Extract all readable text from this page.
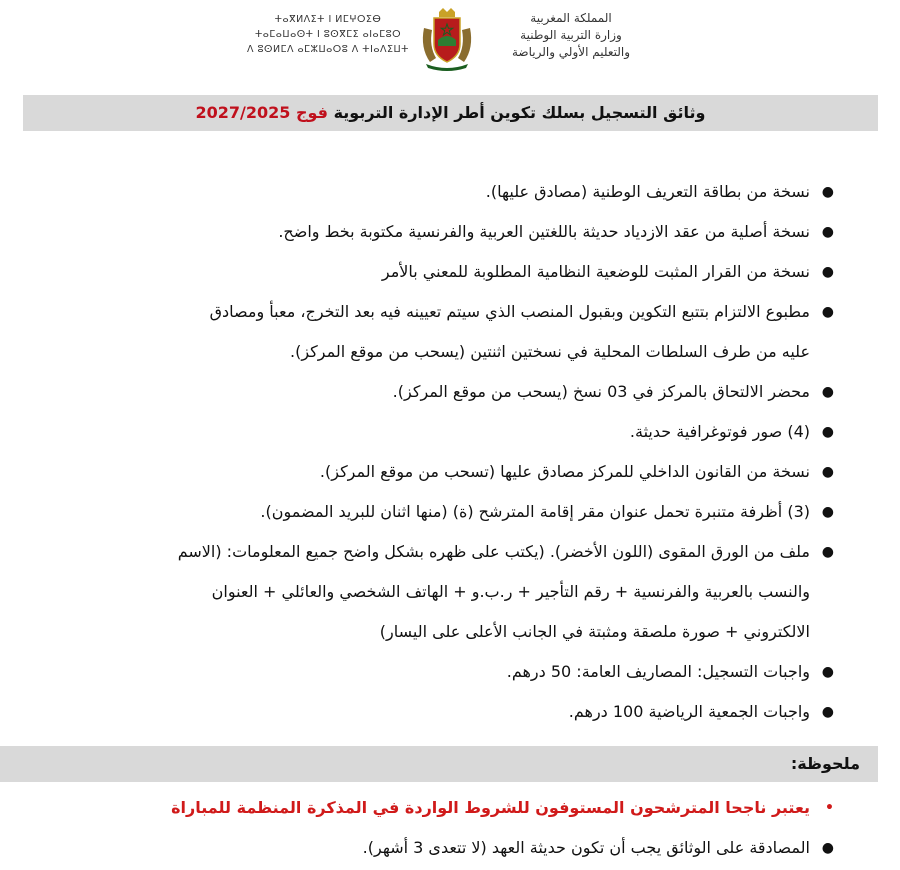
ⵜⴰⴳⵍⴷⵉⵜ ⵏ ⵍⵎⵖⵔⵉⴱ
ⵜⴰⵎⴰⵡⴰⵙⵜ ⵏ ⵓⵙⴳⵎⵉ ⴰⵏⴰⵎⵓⵔ
ⴷ ⵓⵙⵍⵎⴷ ⴰⵎⵣⵡⴰⵔⵓ ⴷ ⵜⵏⴰⴷⵉⵡⵜ
المملكة المغربية
وزارة التربية الوطنية
والتعليم الأولي والرياضة
وثائق التسجيل بسلك تكوين أطر الإدارة التربوية فوج 2027/2025
●
نسخة من بطاقة التعريف الوطنية (مصادق عليها).
●
نسخة أصلية من عقد الازدياد حديثة باللغتين العربية والفرنسية مكتوبة بخط واضح.
●
نسخة من القرار المثبت للوضعية النظامية المطلوبة للمعني بالأمر
●
مطبوع الالتزام بتتبع التكوين وبقبول المنصب الذي سيتم تعيينه فيه بعد التخرج، معبأ ومصادق
عليه من طرف السلطات المحلية في نسختين اثنتين (يسحب من موقع المركز).
●
محضر الالتحاق بالمركز في 03 نسخ (يسحب من موقع المركز).
●
(4) صور فوتوغرافية حديثة.
●
نسخة من القانون الداخلي للمركز مصادق عليها (تسحب من موقع المركز).
●
(3) أظرفة متنبرة تحمل عنوان مقر إقامة المترشح (ة) (منها اثنان للبريد المضمون).
●
ملف من الورق المقوى (اللون الأخضر). (يكتب على ظهره بشكل واضح جميع المعلومات: (الاسم
والنسب بالعربية والفرنسية + رقم التأجير + ر.ب.و + الهاتف الشخصي والعائلي + العنوان
الالكتروني + صورة ملصقة ومثبتة في الجانب الأعلى على اليسار)
●
واجبات التسجيل: المصاريف العامة: 50 درهم.
●
واجبات الجمعية الرياضية 100 درهم.
ملحوظة:
•
يعتبر ناجحا المترشحون المستوفون للشروط الواردة في المذكرة المنظمة للمباراة
●
المصادقة على الوثائق يجب أن تكون حديثة العهد (لا تتعدى 3 أشهر).
